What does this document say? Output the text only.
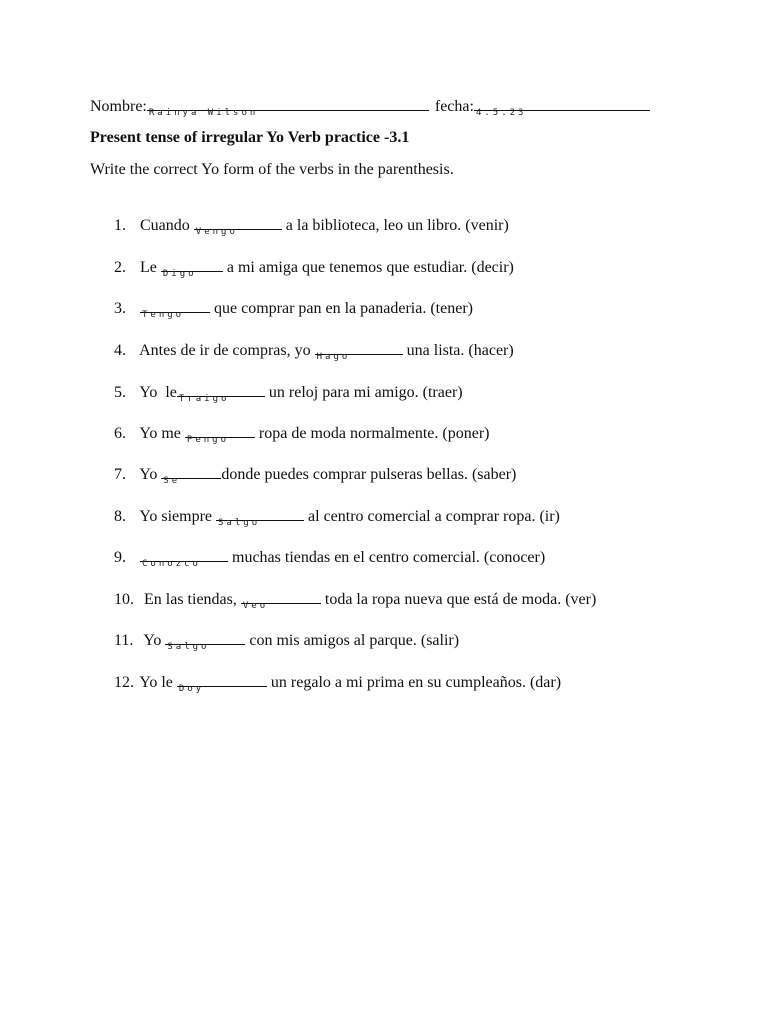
Nombre: Rainya Wilson	fecha: 4.5.23
Present tense of irregular Yo Verb practice -3.1
Write the correct Yo form of the verbs in the parenthesis.
1. Cuando Vengo	a la biblioteca, leo un libro. (venir)
2. Le Digo a mi amiga que tenemos que estudiar. (decir)
3. Tengo que comprar pan en la panaderia. (tener)
4. Antes de ir de compras, yo Hago	una lista. (hacer)
5. Yo  le Traigo un reloj para mi amigo. (traer)
6. Yo me Pengo ropa de moda normalmente. (poner)
7. Yo Se	donde puedes comprar pulseras bellas. (saber)
8. Yo siempre Salgo	al centro comercial a comprar ropa. (ir)
9. Conozco muchas tiendas en el centro comercial. (conocer)
10. En las tiendas, Veo	toda la ropa nueva que está de moda. (ver)
11. Yo Salgo con mis amigos al parque. (salir)
12. Yo le Doy	un regalo a mi prima en su cumpleaños. (dar)
